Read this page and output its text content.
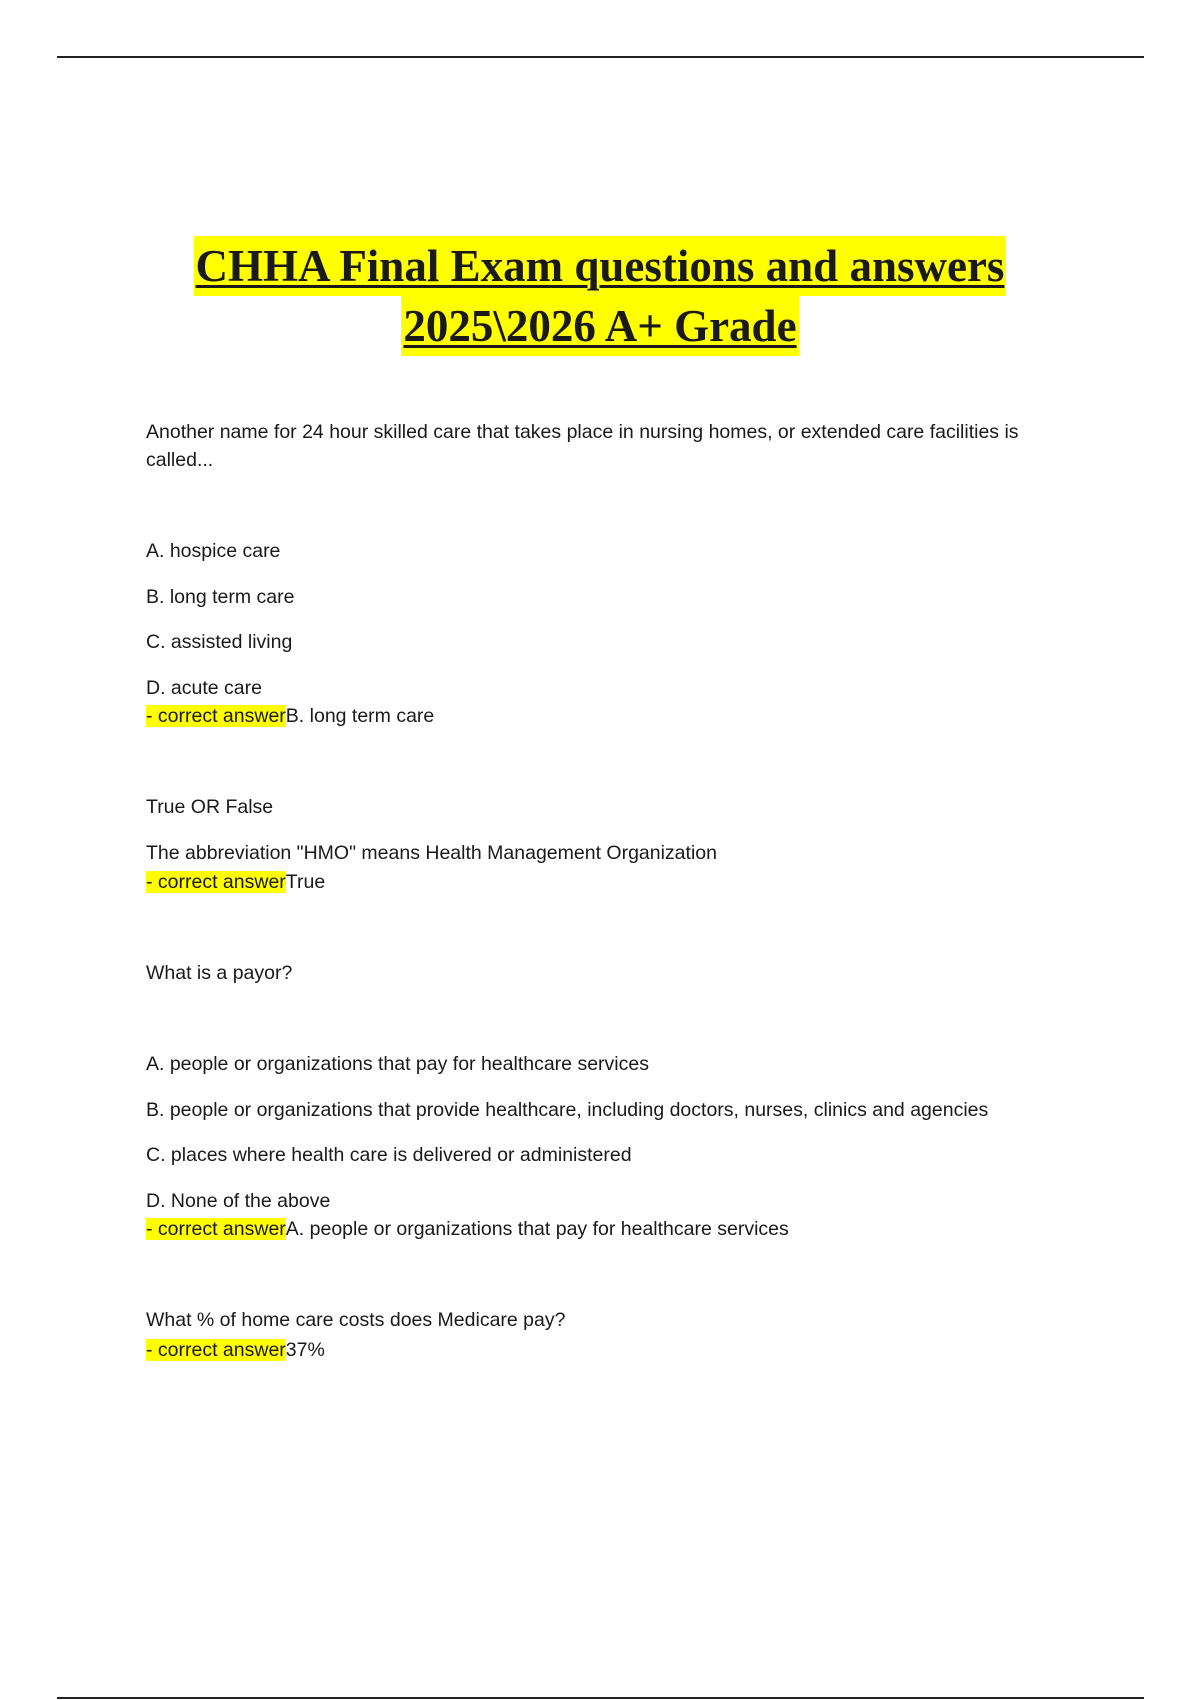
CHHA Final Exam questions and answers
2025\2026 A+ Grade
Another name for 24 hour skilled care that takes place in nursing homes, or extended care facilities is called...
A. hospice care
B. long term care
C. assisted living
D. acute care
- correct answerB. long term care
True OR False
The abbreviation "HMO" means Health Management Organization
- correct answerTrue
What is a payor?
A. people or organizations that pay for healthcare services
B. people or organizations that provide healthcare, including doctors, nurses, clinics and agencies
C. places where health care is delivered or administered
D. None of the above
- correct answerA. people or organizations that pay for healthcare services
What % of home care costs does Medicare pay?
- correct answer37%
